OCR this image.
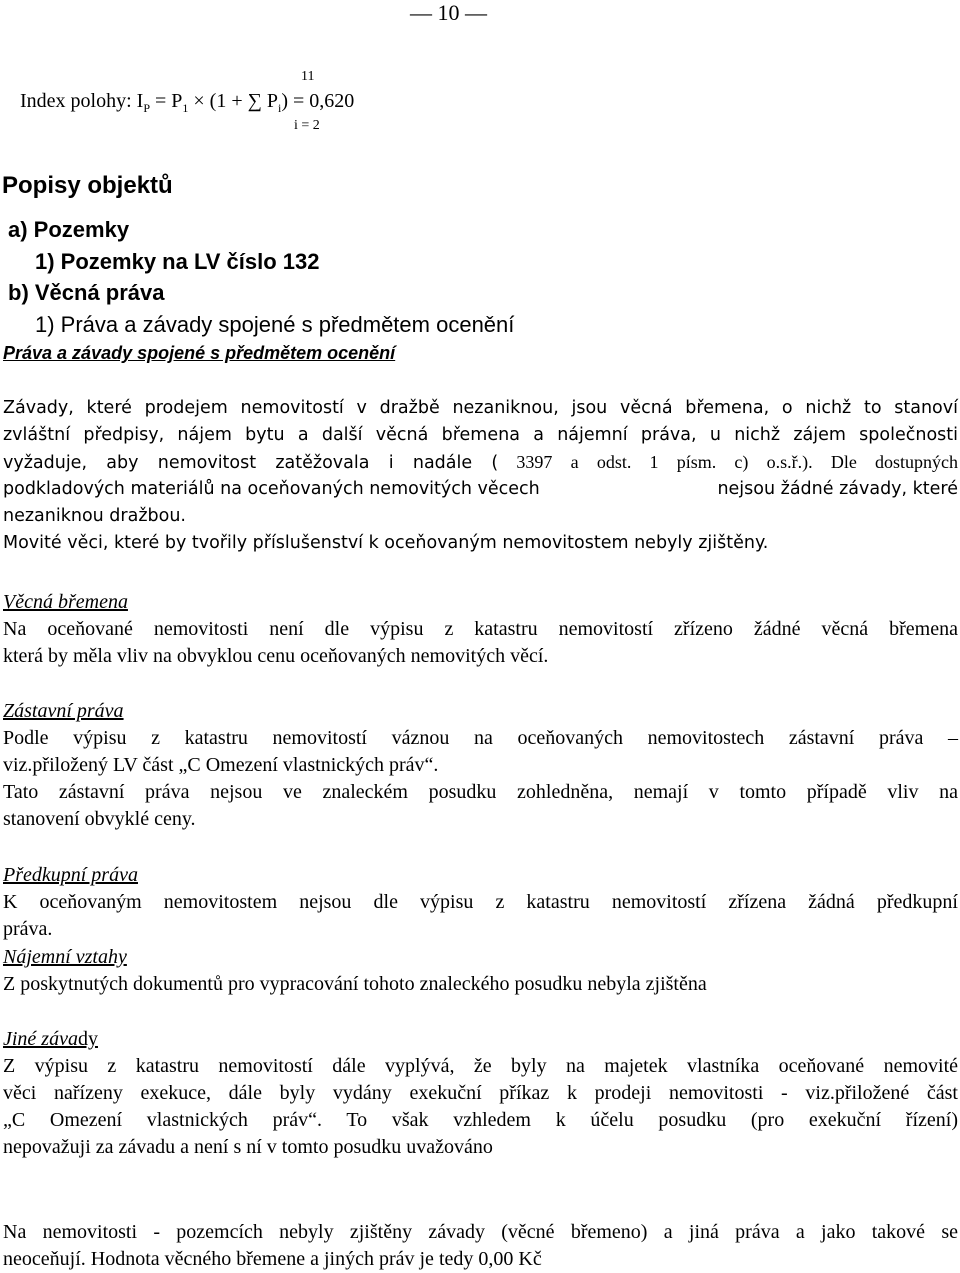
— 10 —
11
Index polohy: $I_P = P_1 \times (1$ + ∑ $P_i) = 0,620$
i = 2
Popisy objektů
a) Pozemky
1) Pozemky na LV číslo 132
b) Věcná práva
1) Práva a závady spojené s předmětem ocenění
Práva a závady spojené s předmětem ocenění
Závady, které prodejem nemovitostí v dražbě nezaniknou, jsou věcná břemena, o nichž to stanoví
zvláštní předpisy, nájem bytu a další věcná břemena a nájemní práva, u nichž zájem společnosti
vyžaduje, aby nemovitost zatěžovala i nadále ( 3397 a odst. 1 písm. c) o.s.ř.). Dle dostupných
podkladových materiálů na oceňovaných nemovitých věcech	nejsou žádné závady, které
nezaniknou dražbou.
Movité věci, které by tvořily příslušenství k oceňovaným nemovitostem nebyly zjištěny.
Věcná břemena
Na oceňované nemovitosti není dle výpisu z katastru nemovitostí zřízeno žádné věcná břemena
která by měla vliv na obvyklou cenu oceňovaných nemovitých věcí.
Zástavní práva
Podle výpisu z katastru nemovitostí váznou na oceňovaných nemovitostech zástavní práva –
viz.přiložený LV část „C Omezení vlastnických práv“.
Tato zástavní práva nejsou ve znaleckém posudku zohledněna, nemají v tomto případě vliv na
stanovení obvyklé ceny.
Předkupní práva
K oceňovaným nemovitostem nejsou dle výpisu z katastru nemovitostí zřízena žádná předkupní
práva.
Nájemní vztahy
Z poskytnutých dokumentů pro vypracování tohoto znaleckého posudku nebyla zjištěna
Jiné závady
Z výpisu z katastru nemovitostí dále vyplývá, že byly na majetek vlastníka oceňované nemovité
věci nařízeny exekuce, dále byly vydány exekuční příkaz k prodeji nemovitosti - viz.přiložené část
„C Omezení vlastnických práv“. To však vzhledem k účelu posudku (pro exekuční řízení)
nepovažuji za závadu a není s ní v tomto posudku uvažováno
Na nemovitosti - pozemcích nebyly zjištěny závady (věcné břemeno) a jiná práva a jako takové se
neoceňují. Hodnota věcného břemene a jiných práv je tedy 0,00 Kč
